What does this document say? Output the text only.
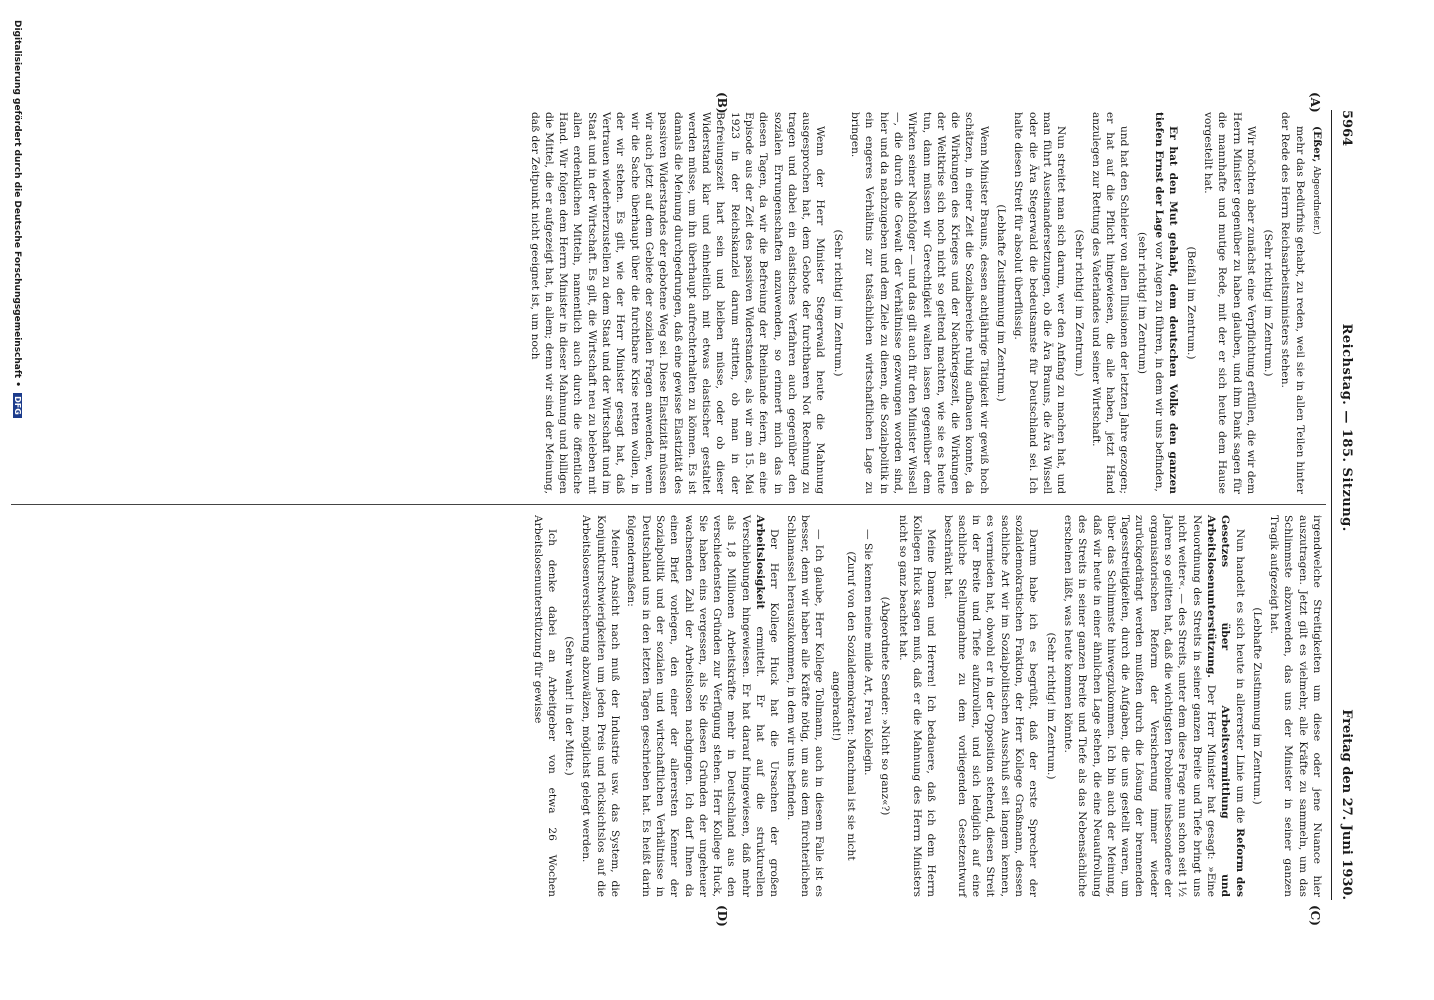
5964
Reichstag. — 185. Sitzung.
Freitag den 27. Juni 1930.
(A)
(B)
(C)
(D)

(Eßer, Abgeordneter.)

mehr das Bedürfnis gehabt, zu reden, weil sie in allen Teilen hinter der Rede des Herrn Reichsarbeitsministers stehen.

(Sehr richtig! im Zentrum.)

Wir möchten aber zunächst eine Verpflichtung erfüllen, die wir dem Herrn Minister gegenüber zu haben glauben, und ihm Dank sagen für die mannhafte und mutige Rede, mit der er sich heute dem Hause vorgestellt hat.

(Beifall im Zentrum.)

Er hat den Mut gehabt, dem deutschen Volke den ganzen tiefen Ernst der Lage vor Augen zu führen, in dem wir uns befinden,

(sehr richtig! im Zentrum)

und hat den Schleier von allen Illusionen der letzten Jahre gezogen; er hat auf die Pflicht hingewiesen, die alle haben, jetzt Hand anzulegen zur Rettung des Vaterlandes und seiner Wirtschaft.

(Sehr richtig! im Zentrum.)

Nun streitet man sich darum, wer den Anfang zu machen hat, und man führt Auseinandersetzungen, ob die Ära Brauns, die Ära Wissell oder die Ära Stegerwald die bedeutsamste für Deutschland sei. Ich halte diesen Streit für absolut überflüssig.

(Lebhafte Zustimmung im Zentrum.)

Wenn Minister Brauns, dessen achtjährige Tätigkeit wir gewiß hoch schätzen, in einer Zeit die Sozialbereiche ruhig aufbauen konnte, da die Wirkungen des Krieges und der Nachkriegszeit, die Wirkungen der Weltkrise sich noch nicht so geltend machten, wie sie es heute tun, dann müssen wir Gerechtigkeit walten lassen gegenüber dem Wirken seiner Nachfolger — und das gilt auch für den Minister Wissell —, die durch die Gewalt der Verhältnisse gezwungen worden sind, hier und da nachzugeben und dem Ziele zu dienen, die Sozialpolitik in ein engeres Verhältnis zur tatsächlichen wirtschaftlichen Lage zu bringen.

(Sehr richtig! im Zentrum.)

Wenn der Herr Minister Stegerwald heute die Mahnung ausgesprochen hat, dem Gebote der furchtbaren Not Rechnung zu tragen und dabei ein elastisches Verfahren auch gegenüber den sozialen Errungenschaften anzuwenden, so erinnert mich das in diesen Tagen, da wir die Befreiung der Rheinlande feiern, an eine Episode aus der Zeit des passiven Widerstandes, als wir am 15. Mai 1923 in der Reichskanzlei darum stritten, ob man in der Befreiungszeit hart sein und bleiben müsse, oder ob dieser Widerstand klar und einheitlich mit etwas elastischer gestaltet werden müsse, um ihn überhaupt aufrechterhalten zu können. Es ist damals die Meinung durchgedrungen, daß eine gewisse Elastizität des passiven Widerstandes der gebotene Weg sei. Diese Elastizität müssen wir auch jetzt auf dem Gebiete der sozialen Fragen anwenden, wenn wir die Sache überhaupt über die furchtbare Krise retten wollen, in der wir stehen. Es gilt, wie der Herr Minister gesagt hat, daß Vertrauen wiederherzustellen zu dem Staat und der Wirtschaft und im Staat und in der Wirtschaft. Es gilt, die Wirtschaft neu zu beleben mit allen erdenklichen Mitteln, namentlich auch durch die öffentliche Hand. Wir folgen dem Herrn Minister in dieser Mahnung und billigen die Mittel, die er aufgezeigt hat, in allem; denn wir sind der Meinung, daß der Zeitpunkt nicht geeignet ist, um noch

irgendwelche Streitigkeiten um diese oder jene Nuance hier auszutragen. Jetzt gilt es vielmehr, alle Kräfte zu sammeln, um das Schlimmste abzuwenden, das uns der Minister in seiner ganzen Tragik aufgezeigt hat.

(Lebhafte Zustimmung im Zentrum.)

Nun handelt es sich heute in allererster Linie um die Reform des Gesetzes über Arbeitsvermittlung und Arbeitslosenunterstützung. Der Herr Minister hat gesagt: »Eine Neuordnung des Streits in seiner ganzen Breite und Tiefe bringt uns nicht weiter«. — des Streits, unter dem diese Frage nun schon seit 1½ Jahren so gelitten hat, daß die wichtigsten Probleme insbesondere der organisatorischen Reform der Versicherung immer wieder zurückgedrängt werden mußten durch die Lösung der brennenden Tagesstreitigkeiten, durch die Aufgaben, die uns gestellt waren, um über das Schlimmste hinwegzukommen. Ich bin auch der Meinung, daß wir heute in einer ähnlichen Lage stehen, die eine Neuaufrollung des Streits in seiner ganzen Breite und Tiefe als das Nebensächliche erscheinen läßt, was heute kommen könnte.

(Sehr richtig! im Zentrum.)

Darum habe ich es begrüßt, daß der erste Sprecher der sozialdemokratischen Fraktion, der Herr Kollege Graßmann, dessen sachliche Art wir im Sozialpolitischen Ausschuß seit langem kennen, es vermieden hat, obwohl er in der Opposition stehend, diesen Streit in der Breite und Tiefe aufzurollen, und sich lediglich auf eine sachliche Stellungnahme zu dem vorliegenden Gesetzentwurf beschränkt hat.

Meine Damen und Herren! Ich bedauere, daß ich dem Herrn Kollegen Huck sagen muß, daß er die Mahnung des Herrn Ministers nicht so ganz beachtet hat.

(Abgeordnete Sender: »Nicht so ganz«?)

— Sie kennen meine milde Art, Frau Kollegin.

(Zuruf von den Sozialdemokraten: Manchmal ist sie nicht angebracht!)

— Ich glaube, Herr Kollege Tollmann, auch in diesem Falle ist es besser, denn wir haben alle Kräfte nötig, um aus dem fürchterlichen Schlamassel herauszukommen, in dem wir uns befinden.

Der Herr Kollege Huck hat die Ursachen der großen Arbeitslosigkeit ermittelt. Er hat auf die strukturellen Verschiebungen hingewiesen. Er hat darauf hingewiesen, daß mehr als 1,8 Millionen Arbeitskräfte mehr in Deutschland aus den verschiedensten Gründen zur Verfügung stehen. Herr Kollege Huck, Sie haben eins vergessen, als Sie diesen Gründen der ungeheuer wachsenden Zahl der Arbeitslosen nachgingen. Ich darf Ihnen da einen Brief vorlegen, den einer der allerersten Kenner der Sozialpolitik und der sozialen und wirtschaftlichen Verhältnisse in Deutschland uns in den letzten Tagen geschrieben hat. Es heißt darin folgendermaßen:

Meiner Ansicht nach muß der Industrie usw. das System, die Konjunkturschwierigkeiten um jeden Preis und rücksichtslos auf die Arbeitslosenversicherung abzuwälzen, möglichst gelegt werden.

(Sehr wahr! in der Mitte.)

Ich denke dabei an Arbeitgeber von etwa 26 Wochen Arbeitslosenunterstützung für gewisse

Digitalisierung gefördert durch die Deutsche Forschungsgemeinschaft • DFG
